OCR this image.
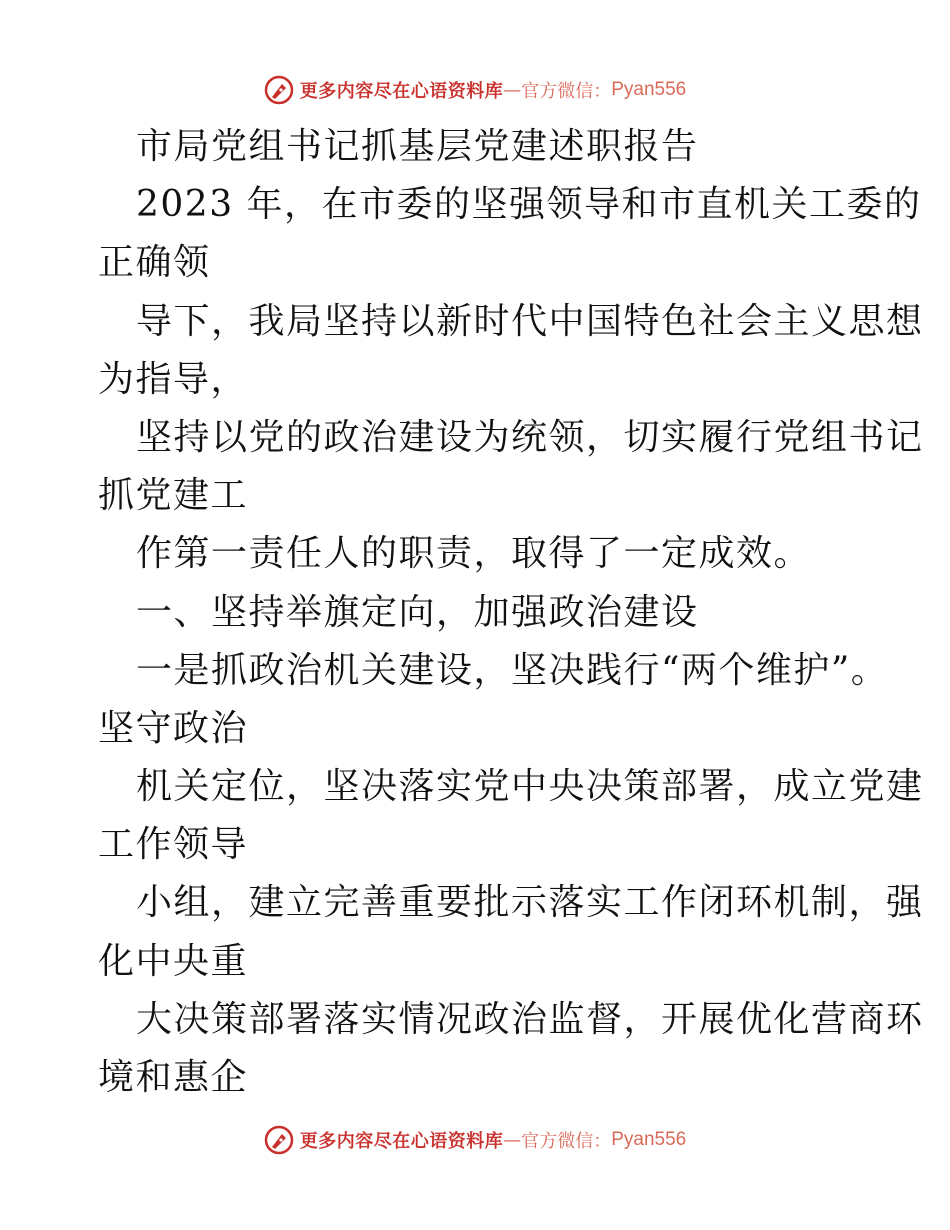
更多内容尽在心语资料库 — 官方微信： Pyan556
市局党组书记抓基层党建述职报告
2023 年，在市委的坚强领导和市直机关工委的
正确领
导下，我局坚持以新时代中国特色社会主义思想
为指导，
坚持以党的政治建设为统领，切实履行党组书记
抓党建工
作第一责任人的职责，取得了一定成效。
一、坚持举旗定向，加强政治建设
一是抓政治机关建设，坚决践行“两个维护”。
坚守政治
机关定位，坚决落实党中央决策部署，成立党建
工作领导
小组，建立完善重要批示落实工作闭环机制，强
化中央重
大决策部署落实情况政治监督，开展优化营商环
境和惠企
更多内容尽在心语资料库 — 官方微信： Pyan556
